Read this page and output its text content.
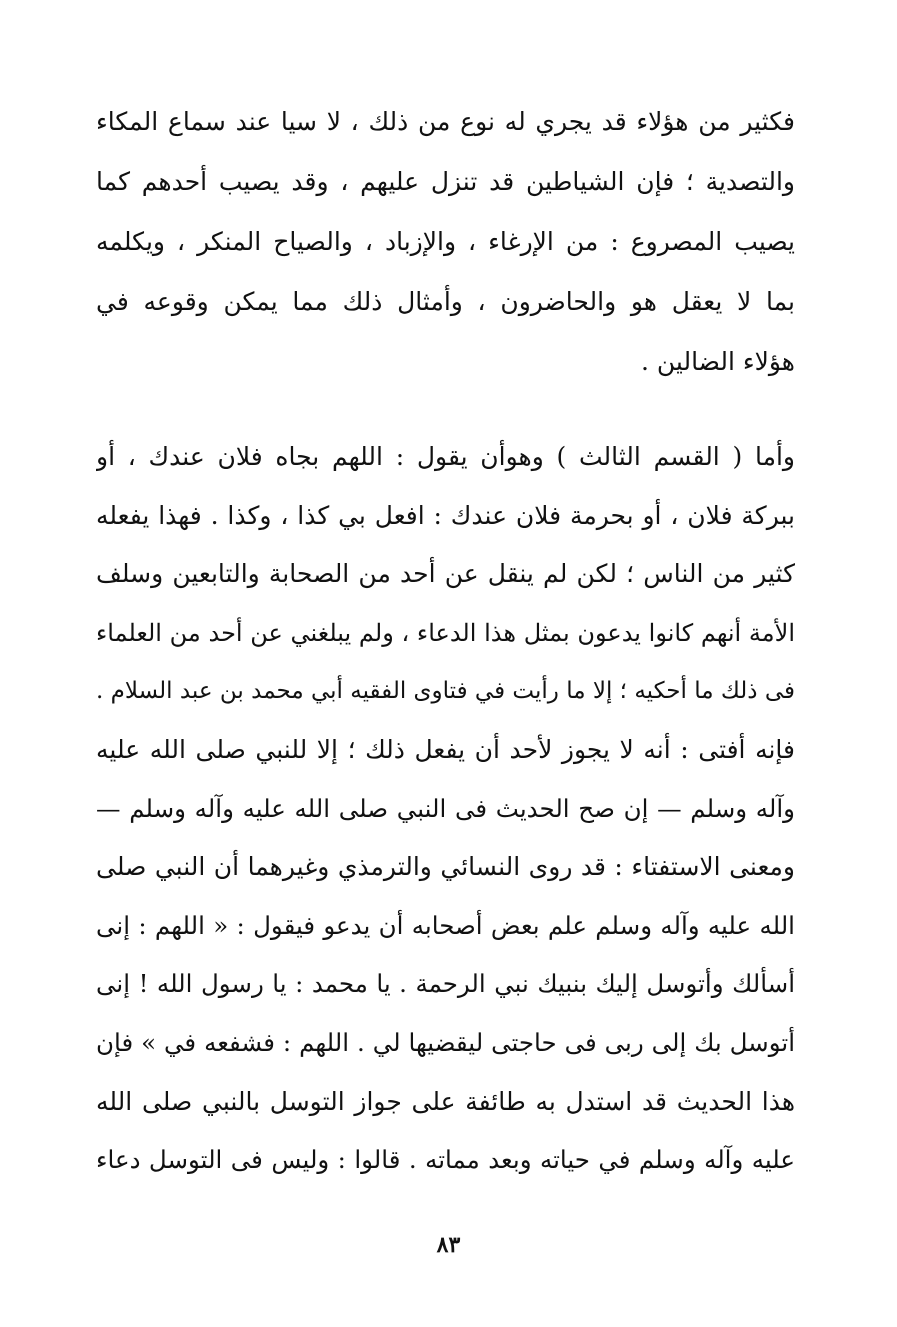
فكثير من هؤلاء قد يجري له نوع من ذلك ، لا سيا عند سماع المكاء
والتصدية ؛ فإن الشياطين قد تنزل عليهم ، وقد يصيب أحدهم كما
يصيب المصروع : من الإرغاء ، والإزباد ، والصياح المنكر ، ويكلمه
بما لا يعقل هو والحاضرون ، وأمثال ذلك مما يمكن وقوعه في
هؤلاء الضالين .
وأما ( القسم الثالث ) وهوأن يقول : اللهم بجاه فلان عندك ، أو
ببركة فلان ، أو بحرمة فلان عندك : افعل بي كذا ، وكذا . فهذا يفعله
كثير من الناس ؛ لكن لم ينقل عن أحد من الصحابة والتابعين وسلف
الأمة أنهم كانوا يدعون بمثل هذا الدعاء ، ولم يبلغني عن أحد من العلماء
فى ذلك ما أحكيه ؛ إلا ما رأيت في فتاوى الفقيه أبي محمد بن عبد السلام .
فإنه أفتى : أنه لا يجوز لأحد أن يفعل ذلك ؛ إلا للنبي صلى الله عليه
وآله وسلم — إن صح الحديث فى النبي صلى الله عليه وآله وسلم —
ومعنى الاستفتاء : قد روى النسائي والترمذي وغيرهما أن النبي صلى
الله عليه وآله وسلم علم بعض أصحابه أن يدعو فيقول : « اللهم : إنى
أسألك وأتوسل إليك بنبيك نبي الرحمة . يا محمد : يا رسول الله ! إنى
أتوسل بك إلى ربى فى حاجتى ليقضيها لي . اللهم : فشفعه في » فإن
هذا الحديث قد استدل به طائفة على جواز التوسل بالنبي صلى الله
عليه وآله وسلم في حياته وبعد مماته . قالوا : وليس فى التوسل دعاء
٨٣
